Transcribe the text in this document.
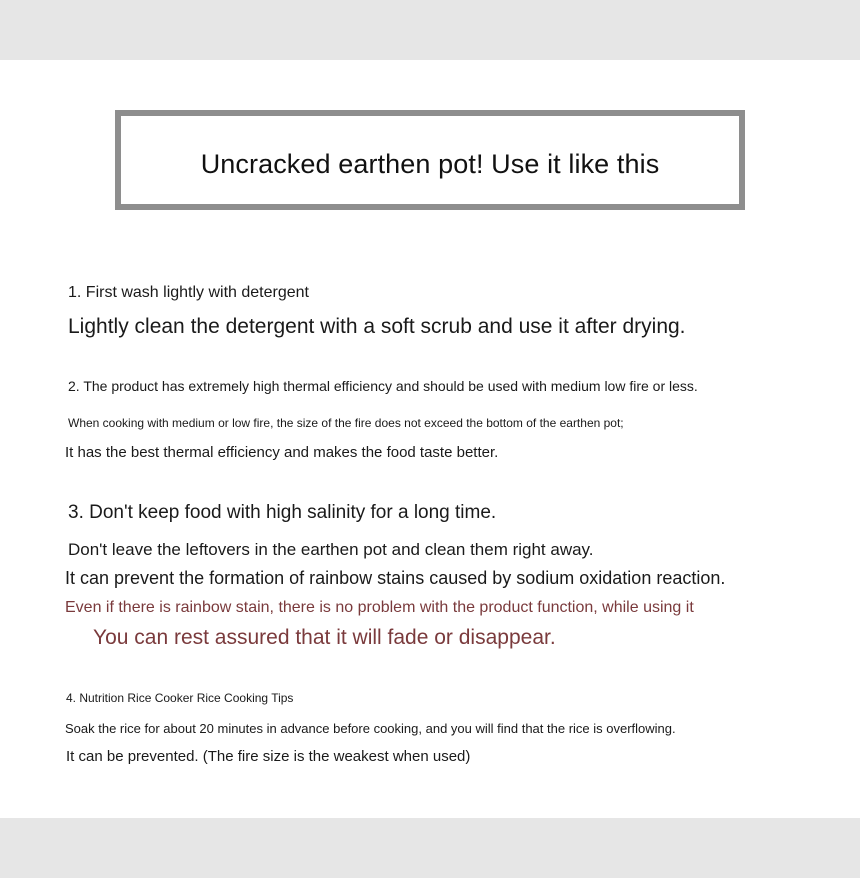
Uncracked earthen pot! Use it like this
1. First wash lightly with detergent
Lightly clean the detergent with a soft scrub and use it after drying.
2. The product has extremely high thermal efficiency and should be used with medium low fire or less.
When cooking with medium or low fire, the size of the fire does not exceed the bottom of the earthen pot;
It has the best thermal efficiency and makes the food taste better.
3. Don't keep food with high salinity for a long time.
Don't leave the leftovers in the earthen pot and clean them right away.
It can prevent the formation of rainbow stains caused by sodium oxidation reaction.
Even if there is rainbow stain, there is no problem with the product function, while using it
You can rest assured that it will fade or disappear.
4. Nutrition Rice Cooker Rice Cooking Tips
Soak the rice for about 20 minutes in advance before cooking, and you will find that the rice is overflowing.
It can be prevented. (The fire size is the weakest when used)
